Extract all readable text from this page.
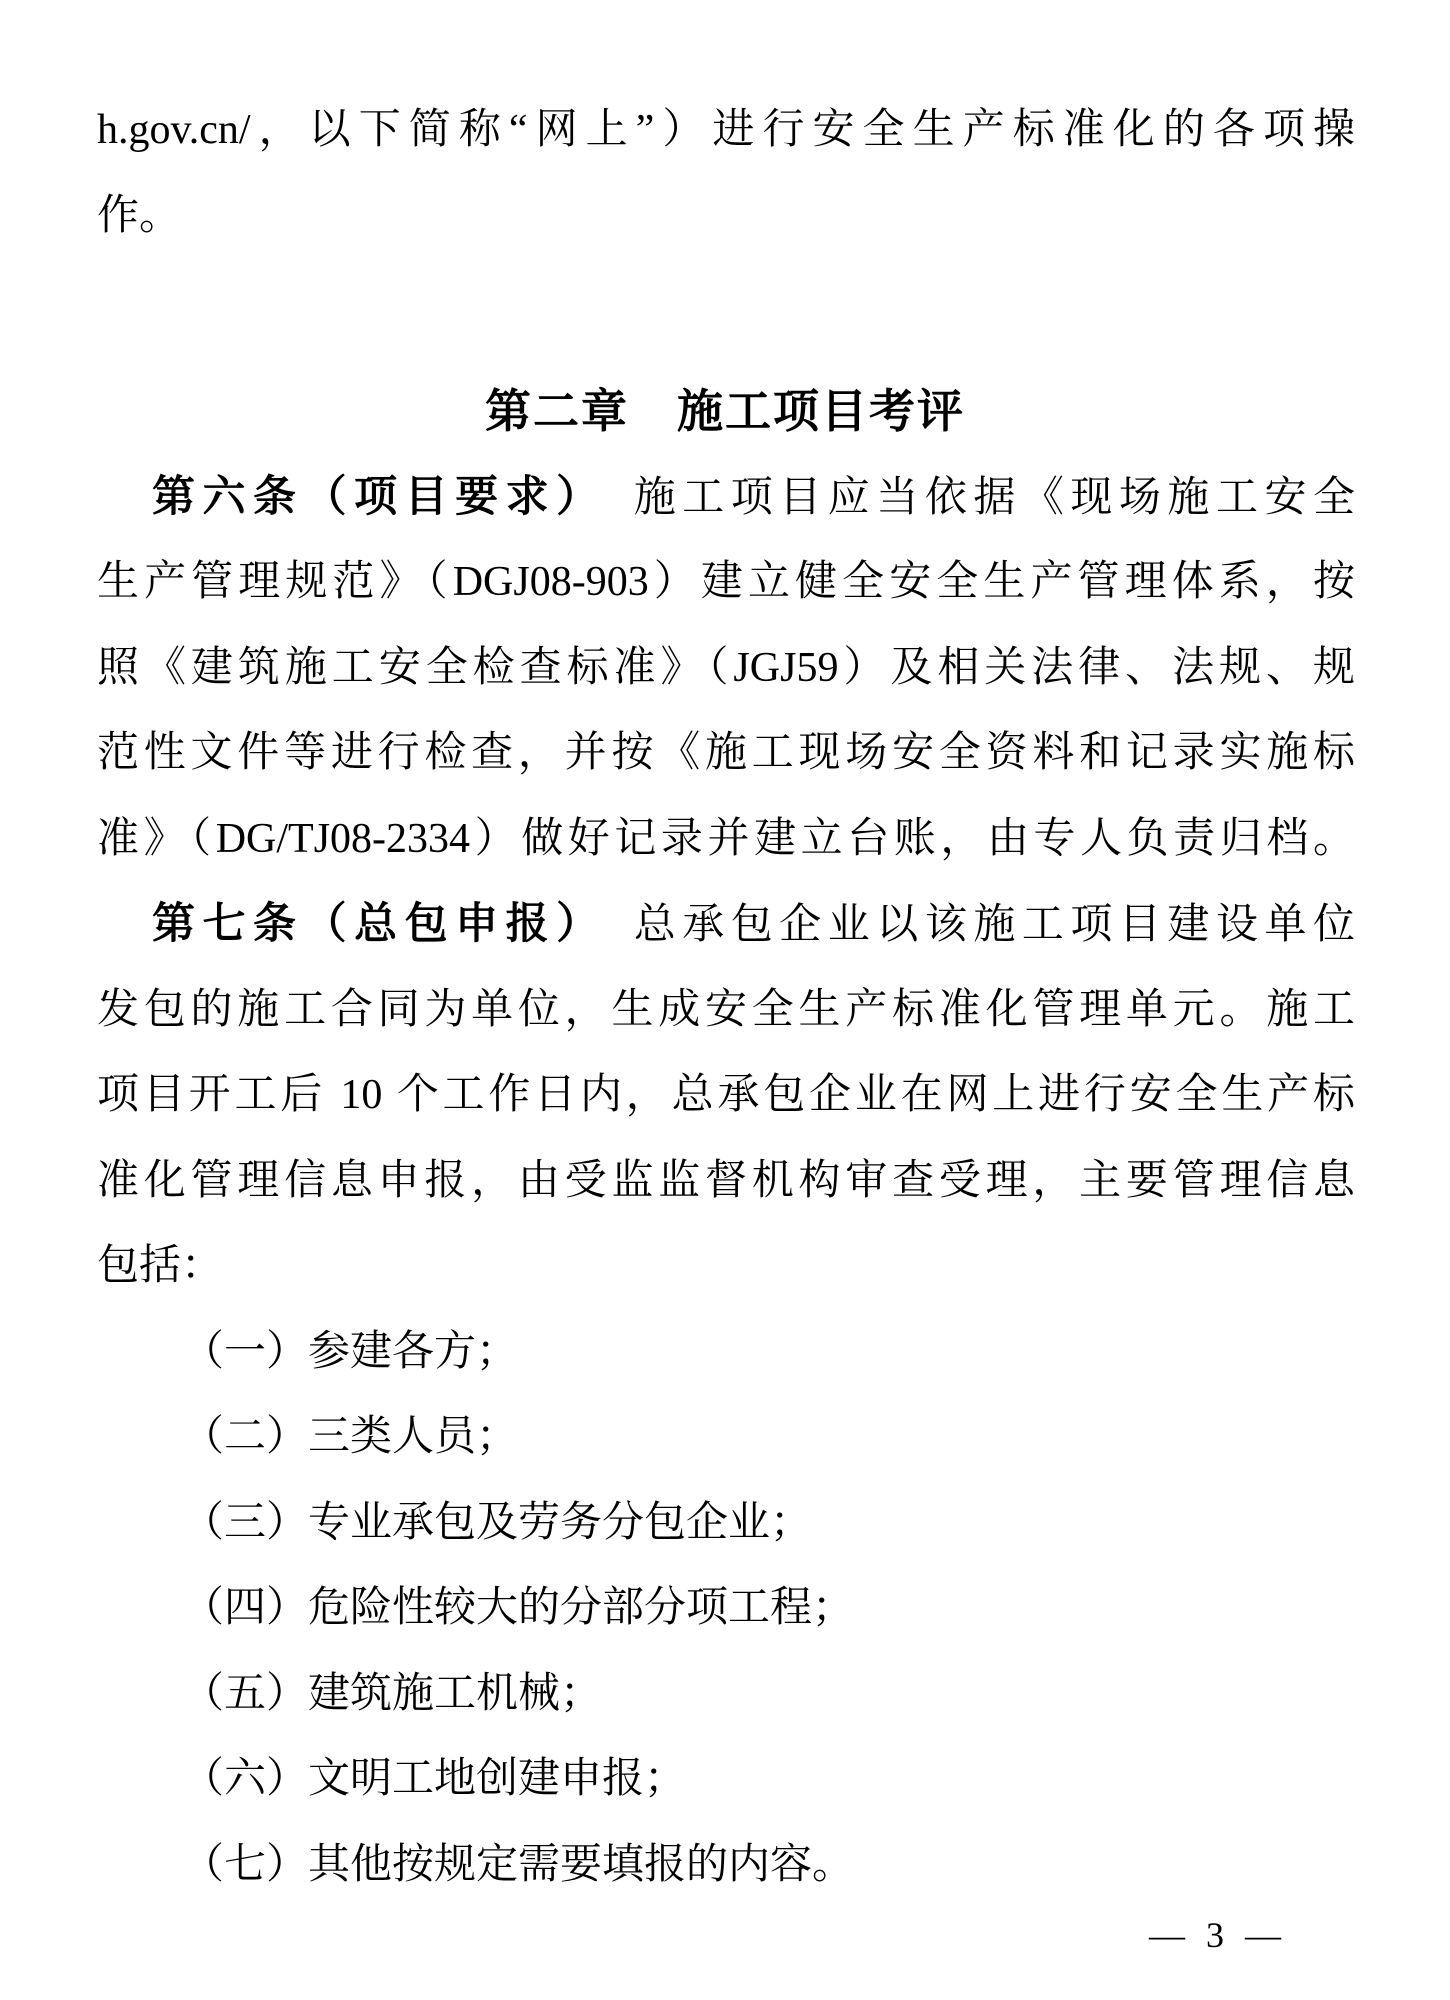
h.gov.cn/，以下简称“网上”）进行安全生产标准化的各项操
作。
第二章　施工项目考评
第六条（项目要求）　施工项目应当依据《现场施工安全
生产管理规范》（DGJ08-903）建立健全安全生产管理体系，按
照《建筑施工安全检查标准》（JGJ59）及相关法律、法规、规
范性文件等进行检查，并按《施工现场安全资料和记录实施标
准》（DG/TJ08-2334）做好记录并建立台账，由专人负责归档。
第七条（总包申报）　总承包企业以该施工项目建设单位
发包的施工合同为单位，生成安全生产标准化管理单元。施工
项目开工后 10 个工作日内，总承包企业在网上进行安全生产标
准化管理信息申报，由受监监督机构审查受理，主要管理信息
包括：
（一）参建各方；
（二）三类人员；
（三）专业承包及劳务分包企业；
（四）危险性较大的分部分项工程；
（五）建筑施工机械；
（六）文明工地创建申报；
（七）其他按规定需要填报的内容。
— 3 —
